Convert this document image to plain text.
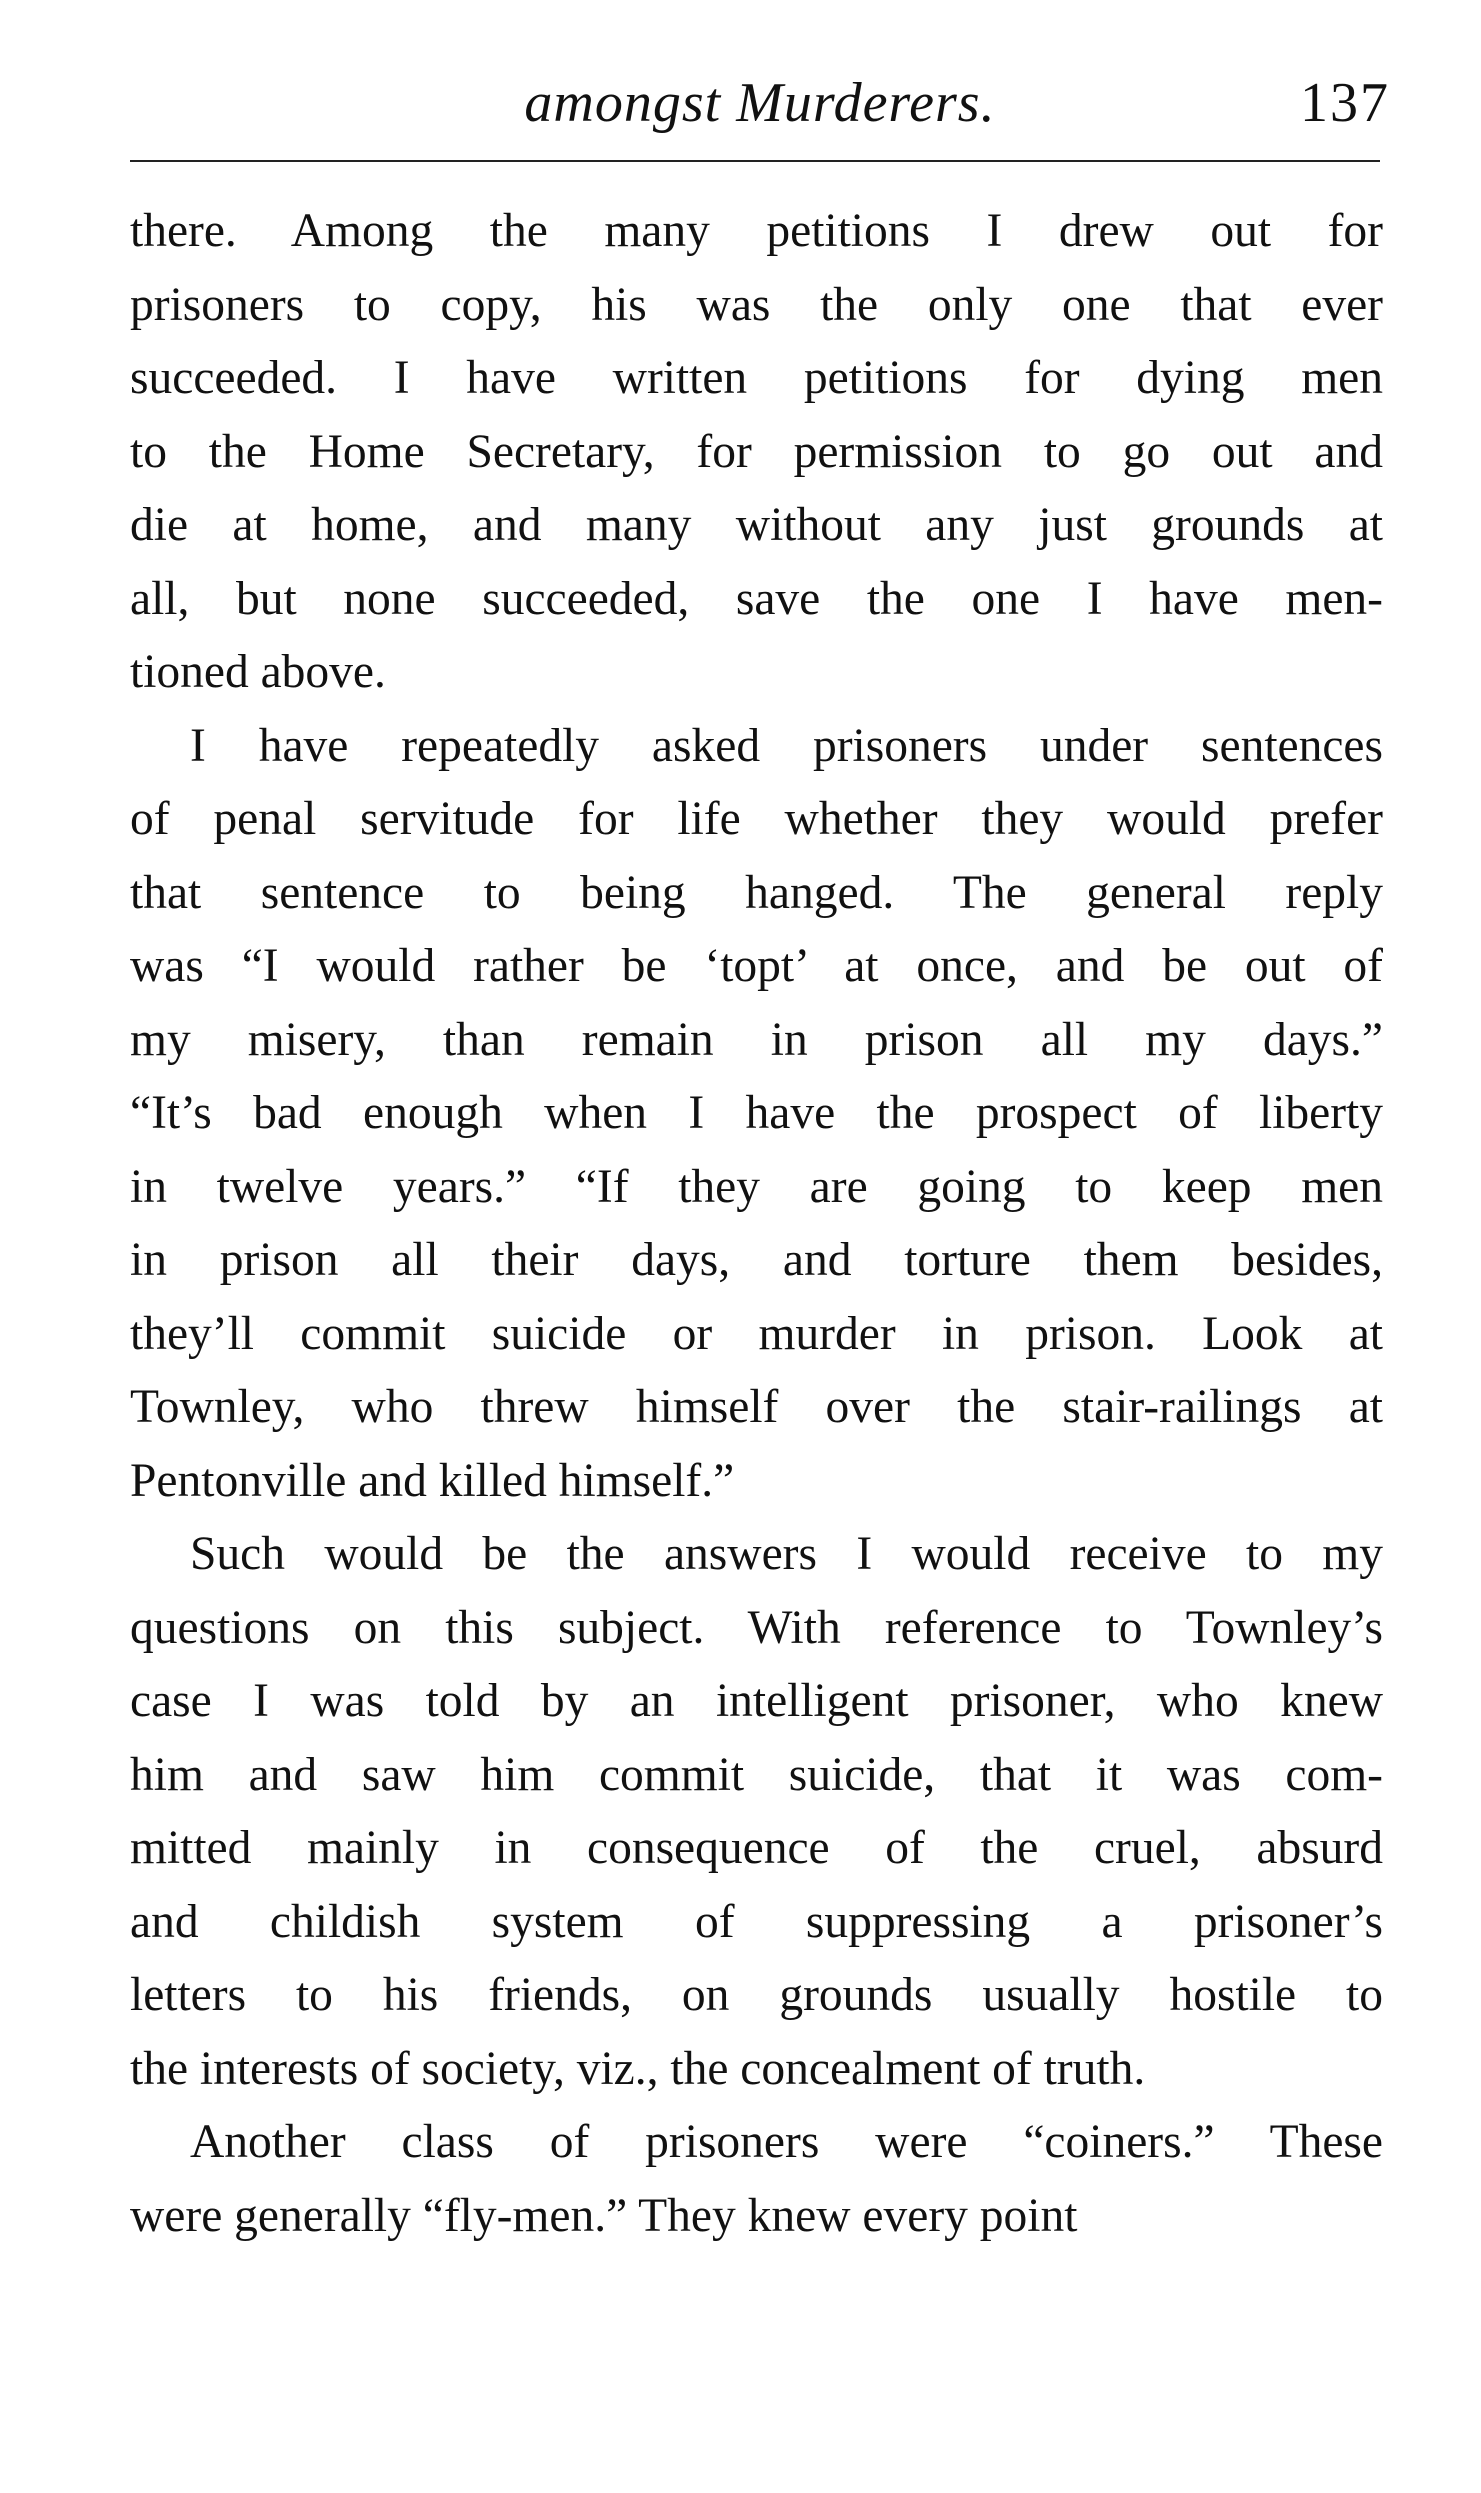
amongst Murderers.	137
there. Among the many petitions I drew out for
prisoners to copy, his was the only one that ever
succeeded. I have written petitions for dying men
to the Home Secretary, for permission to go out and
die at home, and many without any just grounds at
all, but none succeeded, save the one I have men-
tioned above.
I have repeatedly asked prisoners under sentences
of penal servitude for life whether they would prefer
that sentence to being hanged. The general reply
was “I would rather be ‘topt’ at once, and be out of
my misery, than remain in prison all my days.”
“It’s bad enough when I have the prospect of liberty
in twelve years.” “If they are going to keep men
in prison all their days, and torture them besides,
they’ll commit suicide or murder in prison. Look at
Townley, who threw himself over the stair-railings at
Pentonville and killed himself.”
Such would be the answers I would receive to my
questions on this subject. With reference to Townley’s
case I was told by an intelligent prisoner, who knew
him and saw him commit suicide, that it was com-
mitted mainly in consequence of the cruel, absurd
and childish system of suppressing a prisoner’s
letters to his friends, on grounds usually hostile to
the interests of society, viz., the concealment of truth.
Another class of prisoners were “coiners.” These
were generally “fly-men.” They knew every point
